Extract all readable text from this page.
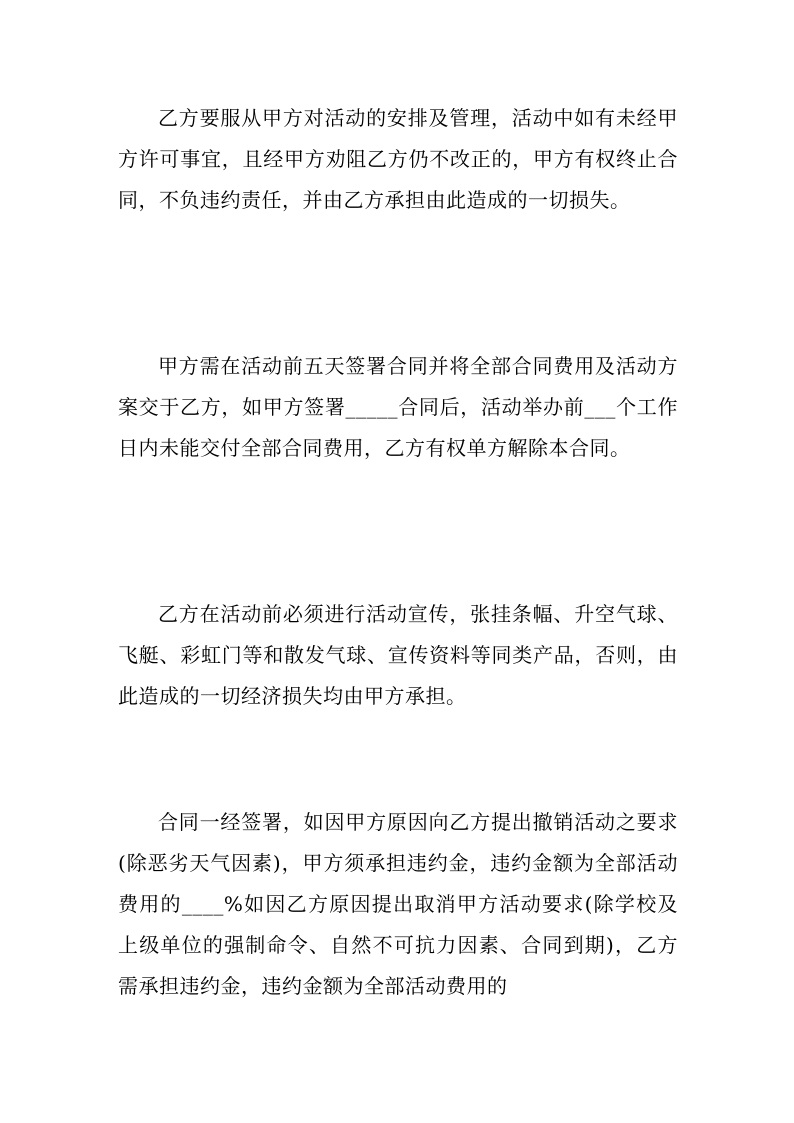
乙方要服从甲方对活动的安排及管理，活动中如有未经甲方许可事宜，且经甲方劝阻乙方仍不改正的，甲方有权终止合同，不负违约责任，并由乙方承担由此造成的一切损失。

甲方需在活动前五天签署合同并将全部合同费用及活动方案交于乙方，如甲方签署_____合同后，活动举办前___个工作日内未能交付全部合同费用，乙方有权单方解除本合同。

乙方在活动前必须进行活动宣传，张挂条幅、升空气球、飞艇、彩虹门等和散发气球、宣传资料等同类产品，否则，由此造成的一切经济损失均由甲方承担。

合同一经签署，如因甲方原因向乙方提出撤销活动之要求(除恶劣天气因素)，甲方须承担违约金，违约金额为全部活动费用的____%如因乙方原因提出取消甲方活动要求(除学校及上级单位的强制命令、自然不可抗力因素、合同到期)，乙方需承担违约金，违约金额为全部活动费用的
